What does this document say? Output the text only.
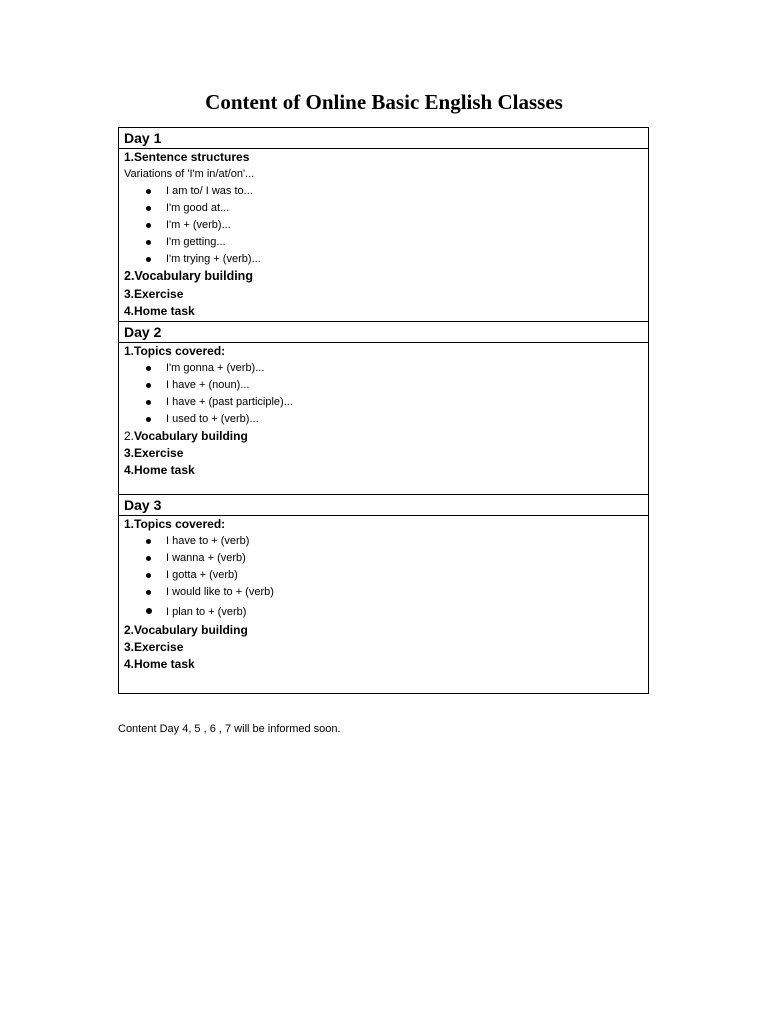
Content of Online Basic English Classes
Day 1
1.Sentence structures
Variations of 'I'm in/at/on'...
I am to/ I was to...
I'm good at...
I'm + (verb)...
I'm getting...
I'm trying + (verb)...
2.Vocabulary building
3.Exercise
4.Home task
Day 2
1.Topics covered:
I'm gonna + (verb)...
I have + (noun)...
I have + (past participle)...
I used to + (verb)...
2.Vocabulary building
3.Exercise
4.Home task
Day 3
1.Topics covered:
I have to + (verb)
I wanna + (verb)
I gotta + (verb)
I would like to + (verb)
I plan to + (verb)
2.Vocabulary building
3.Exercise
4.Home task
Content Day 4, 5 , 6 , 7 will be informed soon.
